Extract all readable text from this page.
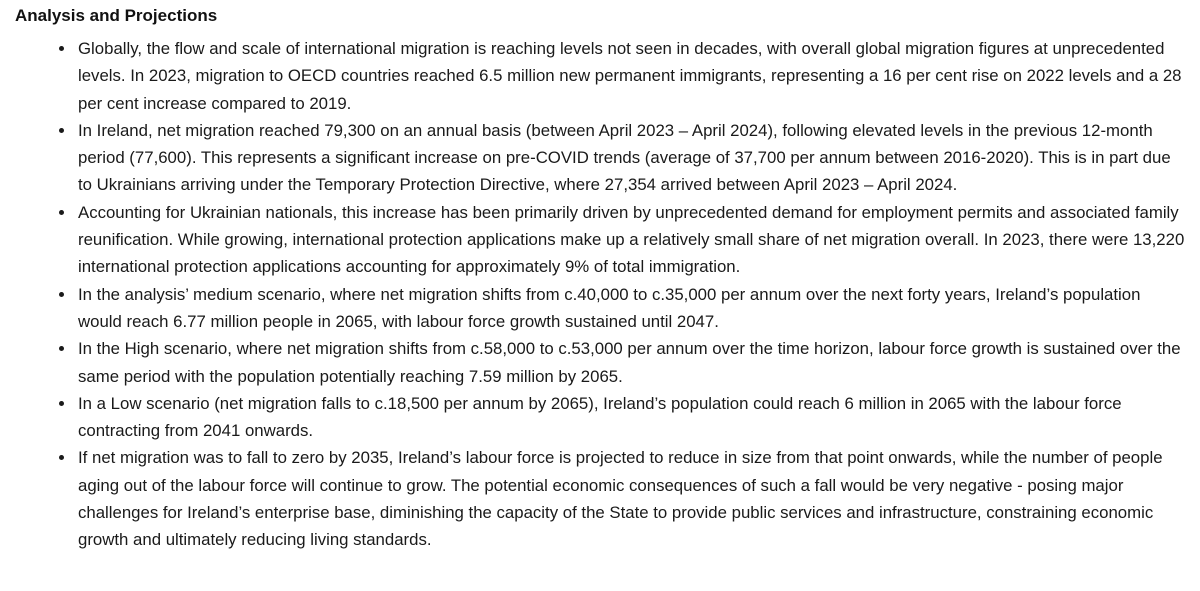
Analysis and Projections
Globally, the flow and scale of international migration is reaching levels not seen in decades, with overall global migration figures at unprecedented levels. In 2023, migration to OECD countries reached 6.5 million new permanent immigrants, representing a 16 per cent rise on 2022 levels and a 28 per cent increase compared to 2019.
In Ireland, net migration reached 79,300 on an annual basis (between April 2023 – April 2024), following elevated levels in the previous 12-month period (77,600). This represents a significant increase on pre-COVID trends (average of 37,700 per annum between 2016-2020). This is in part due to Ukrainians arriving under the Temporary Protection Directive, where 27,354 arrived between April 2023 – April 2024.
Accounting for Ukrainian nationals, this increase has been primarily driven by unprecedented demand for employment permits and associated family reunification. While growing, international protection applications make up a relatively small share of net migration overall. In 2023, there were 13,220 international protection applications accounting for approximately 9% of total immigration.
In the analysis’ medium scenario, where net migration shifts from c.40,000 to c.35,000 per annum over the next forty years, Ireland’s population would reach 6.77 million people in 2065, with labour force growth sustained until 2047.
In the High scenario, where net migration shifts from c.58,000 to c.53,000 per annum over the time horizon, labour force growth is sustained over the same period with the population potentially reaching 7.59 million by 2065.
In a Low scenario (net migration falls to c.18,500 per annum by 2065), Ireland’s population could reach 6 million in 2065 with the labour force contracting from 2041 onwards.
If net migration was to fall to zero by 2035, Ireland’s labour force is projected to reduce in size from that point onwards, while the number of people aging out of the labour force will continue to grow. The potential economic consequences of such a fall would be very negative - posing major challenges for Ireland’s enterprise base, diminishing the capacity of the State to provide public services and infrastructure, constraining economic growth and ultimately reducing living standards.
